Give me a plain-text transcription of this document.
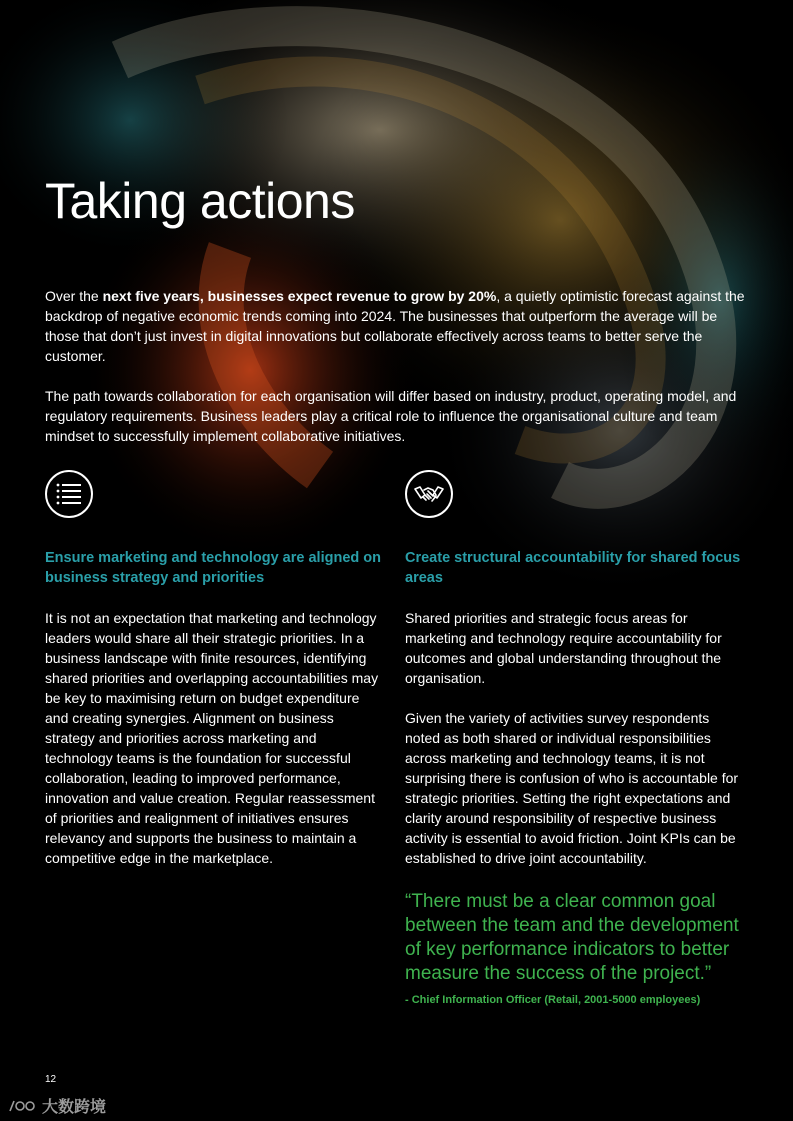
Taking actions

Over the next five years, businesses expect revenue to grow by 20%, a quietly optimistic forecast against the backdrop of negative economic trends coming into 2024. The businesses that outperform the average will be those that don’t just invest in digital innovations but collaborate effectively across teams to better serve the customer.

The path towards collaboration for each organisation will differ based on industry, product, operating model, and regulatory requirements. Business leaders play a critical role to influence the organisational culture and team mindset to successfully implement collaborative initiatives.

Ensure marketing and technology are aligned on business strategy and priorities

It is not an expectation that marketing and technology leaders would share all their strategic priorities. In a business landscape with finite resources, identifying shared priorities and overlapping accountabilities may be key to maximising return on budget expenditure and creating synergies. Alignment on business strategy and priorities across marketing and technology teams is the foundation for successful collaboration, leading to improved performance, innovation and value creation. Regular reassessment of priorities and realignment of initiatives ensures relevancy and supports the business to maintain a competitive edge in the marketplace.

Create structural accountability for shared focus areas

Shared priorities and strategic focus areas for marketing and technology require accountability for outcomes and global understanding throughout the organisation.

Given the variety of activities survey respondents noted as both shared or individual responsibilities across marketing and technology teams, it is not surprising there is confusion of who is accountable for strategic priorities. Setting the right expectations and clarity around responsibility of respective business activity is essential to avoid friction. Joint KPIs can be established to drive joint accountability.

“There must be a clear common goal between the team and the development of key performance indicators to better measure the success of the project.”

- Chief Information Officer (Retail, 2001-5000 employees)

12
大数跨境
